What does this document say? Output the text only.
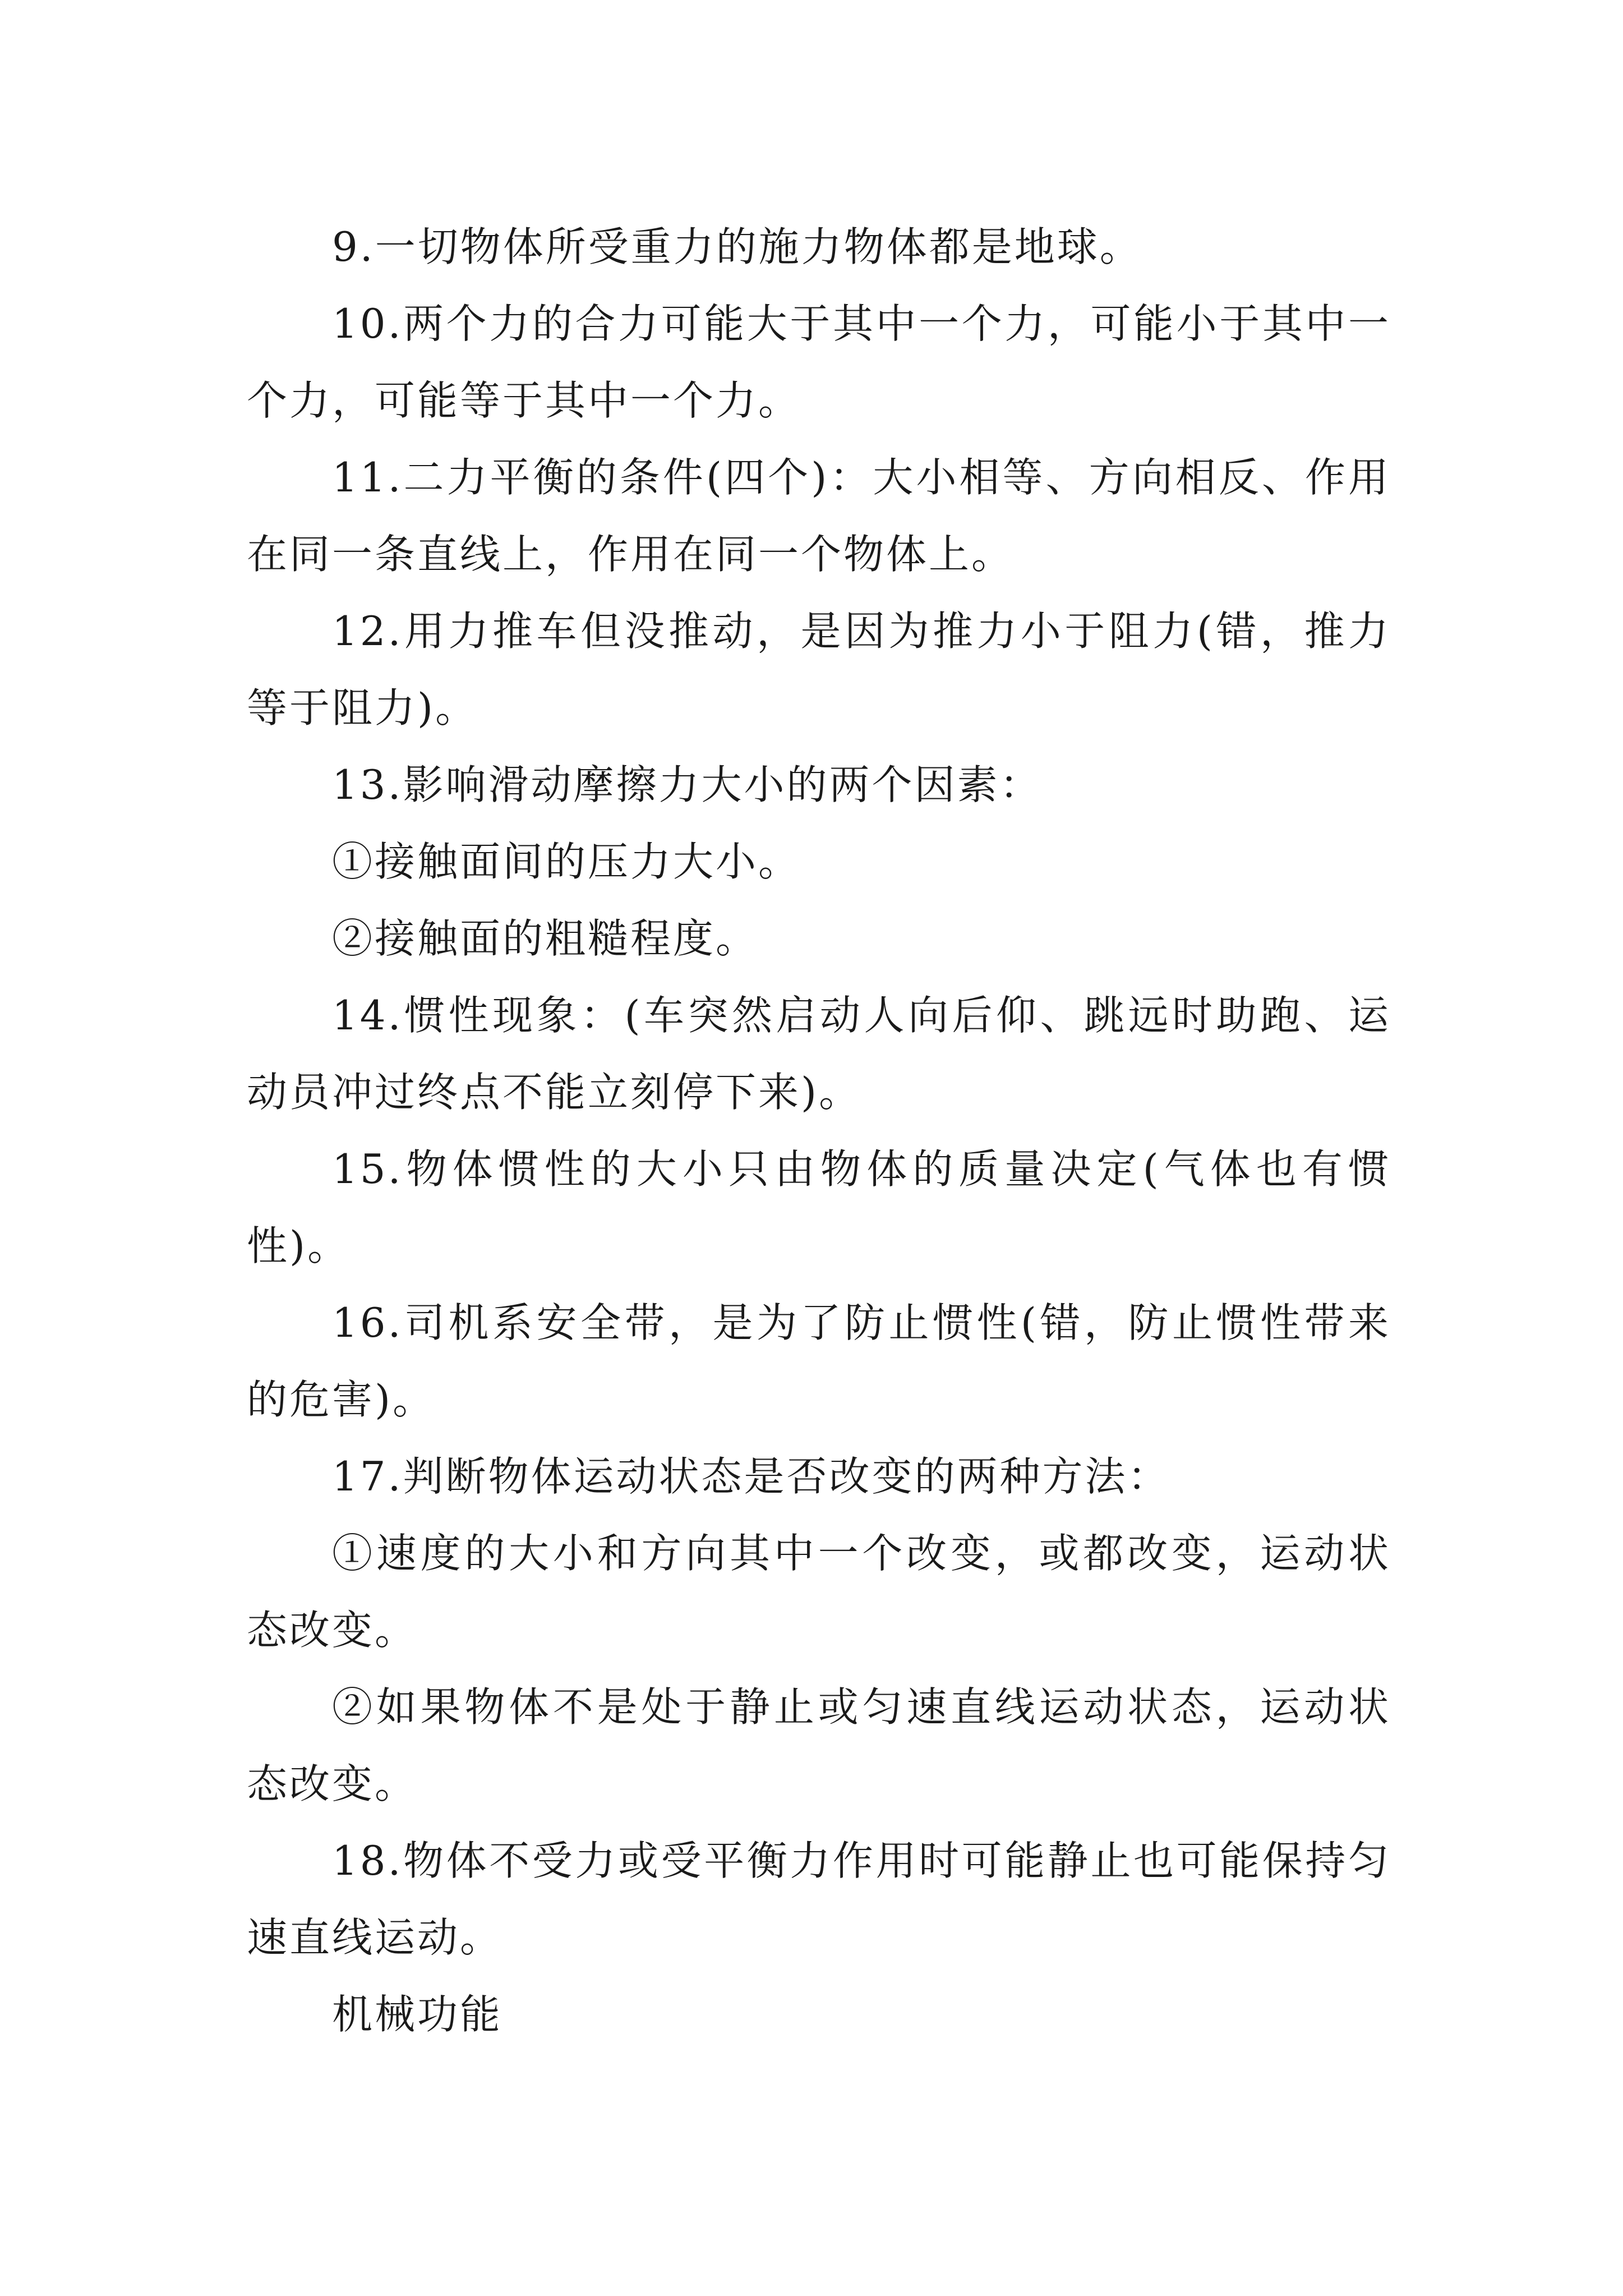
9.一切物体所受重力的施力物体都是地球。

10.两个力的合力可能大于其中一个力，可能小于其中一个力，可能等于其中一个力。

11.二力平衡的条件(四个)：大小相等、方向相反、作用在同一条直线上，作用在同一个物体上。

12.用力推车但没推动，是因为推力小于阻力(错，推力等于阻力)。

13.影响滑动摩擦力大小的两个因素：

①接触面间的压力大小。

②接触面的粗糙程度。

14.惯性现象：(车突然启动人向后仰、跳远时助跑、运动员冲过终点不能立刻停下来)。

15.物体惯性的大小只由物体的质量决定(气体也有惯性)。

16.司机系安全带，是为了防止惯性(错，防止惯性带来的危害)。

17.判断物体运动状态是否改变的两种方法：

①速度的大小和方向其中一个改变，或都改变，运动状态改变。

②如果物体不是处于静止或匀速直线运动状态，运动状态改变。

18.物体不受力或受平衡力作用时可能静止也可能保持匀速直线运动。

机械功能
